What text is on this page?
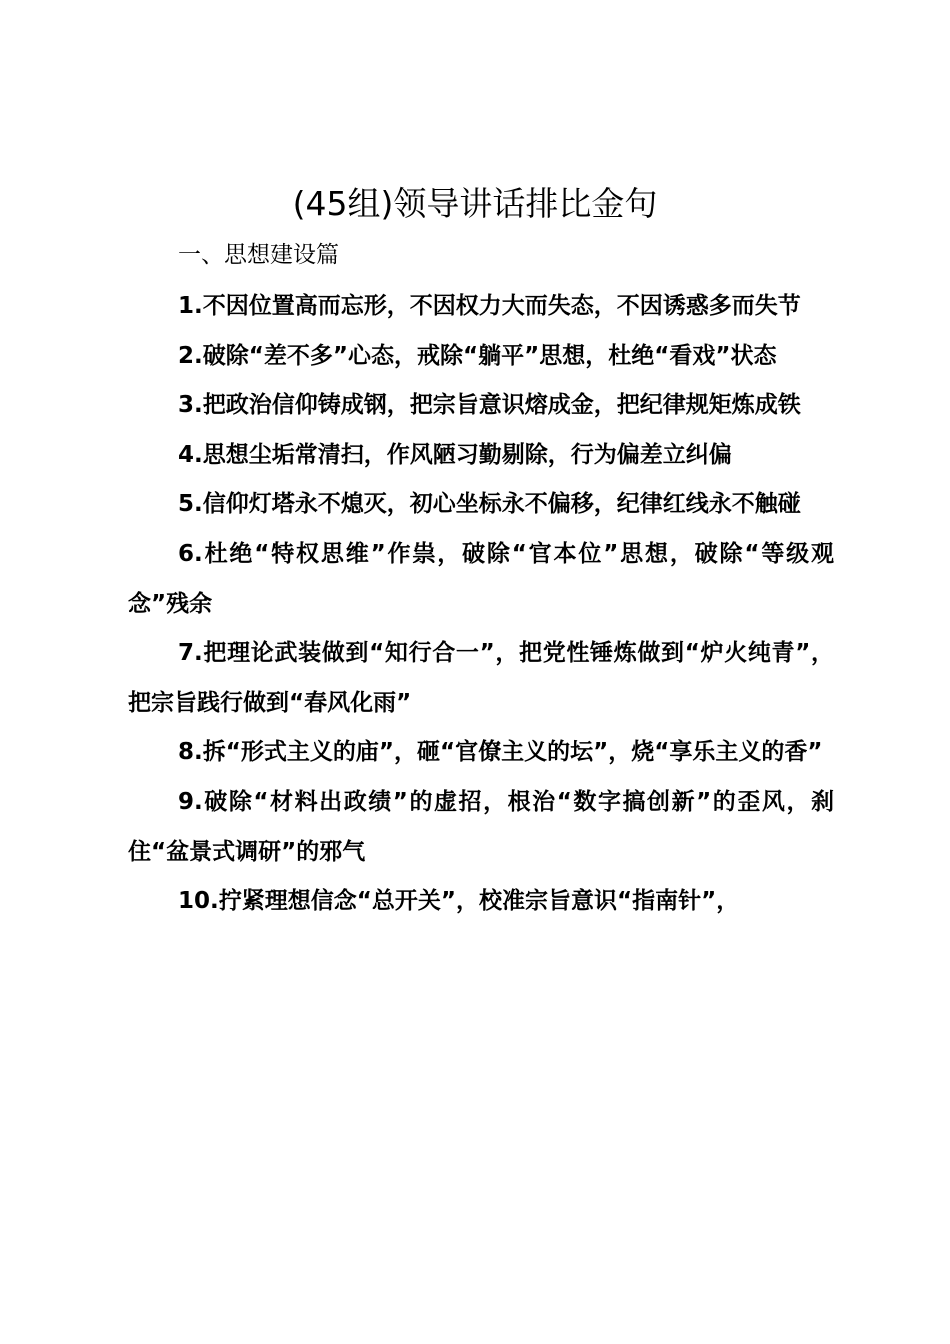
(45组)领导讲话排比金句

一、思想建设篇

1.不因位置高而忘形，不因权力大而失态，不因诱惑多而失节

2.破除“差不多”心态，戒除“躺平”思想，杜绝“看戏”状态

3.把政治信仰铸成钢，把宗旨意识熔成金，把纪律规矩炼成铁

4.思想尘垢常清扫，作风陋习勤剔除，行为偏差立纠偏

5.信仰灯塔永不熄灭，初心坐标永不偏移，纪律红线永不触碰

6.杜绝“特权思维”作祟，破除“官本位”思想，破除“等级观念”残余

7.把理论武装做到“知行合一”，把党性锤炼做到“炉火纯青”，把宗旨践行做到“春风化雨”

8.拆“形式主义的庙”，砸“官僚主义的坛”，烧“享乐主义的香”

9.破除“材料出政绩”的虚招，根治“数字搞创新”的歪风，刹住“盆景式调研”的邪气

10.拧紧理想信念“总开关”，校准宗旨意识“指南针”，
